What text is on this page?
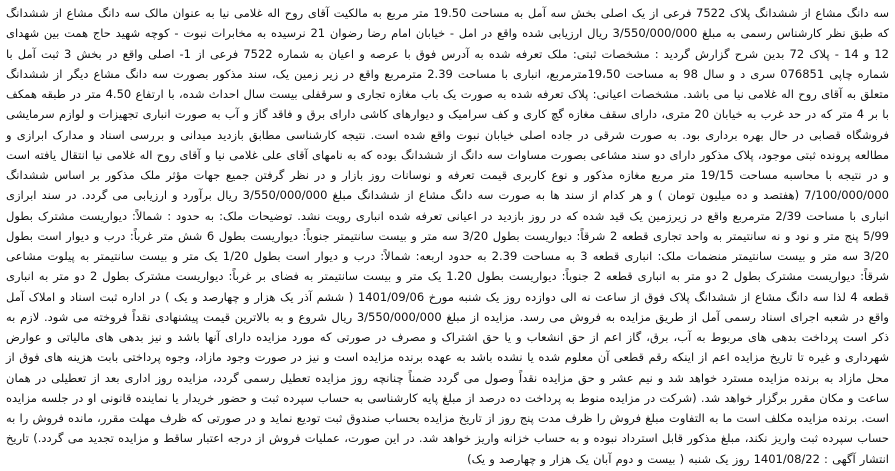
سه دانگ مشاع از ششدانگ پلاک 7522 فرعی از یک اصلی بخش سه آمل به مساحت 19.50 متر مربع به مالکیت آقای روح اله غلامی نیا به عنوان مالک سه دانگ مشاع از ششدانگ که طبق نظر کارشناس رسمی به مبلغ 3/550/000/000 ریال ارزیابی شده واقع در امل - خیابان امام رضا رضوان 21 نرسیده به مخابرات نبوت - کوچه شهید حاج همت بین شهدای 12 و 14 - پلاک 72 بدین شرح گزارش گردید : مشخصات ثبتی: ملک تعرفه شده به آدرس فوق با عرصه و اعیان به شماره 7522 فرعی از 1- اصلی واقع در بخش 3 ثبت آمل با شماره چاپی 076851 سری د و سال 98 به مساحت 19،50مترمربع، انباری با مساحت 2.39 مترمربع واقع در زیر زمین یک، سند مذکور بصورت سه دانگ مشاع دیگر از ششدانگ متعلق به آقای روح اله غلامی نیا می باشد. مشخصات اعیانی: پلاک تعرفه شده به صورت یک باب مغازه تجاری و سرقفلی بیست سال احداث شده، با ارتفاع 4.50 متر در طبقه همکف با بر 4 متر که در حد غرب به خیابان 20 متری، دارای سقف مغازه گچ کاری و کف سرامیک و دیوارهای کاشی دارای برق و فاقد گاز و آب به صورت انباری تجهیزات و لوازم سرمایشی فروشگاه قصابی در حال بهره برداری بود. به صورت شرقی در جاده اصلی خیابان نبوت واقع شده است. نتیجه کارشناسی مطابق بازدید میدانی و بررسی اسناد و مدارک ابرازی و مطالعه پرونده ثبتی موجود، پلاک مذکور دارای دو سند مشاعی بصورت مساوات سه دانگ از ششدانگ بوده که به نامهای آقای علی غلامی نیا و آقای روح اله غلامی نیا انتقال یافته است و در نتیجه با محاسبه مساحت 19/15 متر مربع مغازه مذکور و نوع کاربری قیمت تعرفه و نوسانات روز بازار و در نظر گرفتن جمیع جهات مؤثر ملک مذکور بر اساس ششدانگ 7/100/000/000 (هفتصد و ده میلیون تومان ) و هر کدام از سند ها به صورت سه دانگ مشاع از ششدانگ مبلغ 3/550/000/000 ریال برآورد و ارزیابی می گردد. در سند ابرازی انباری با مساحت 2/39 مترمربع واقع در زیرزمین یک قید شده که در روز بازدید در اعیانی تعرفه شده انباری رویت نشد. توضیحات ملک: به حدود : شمالاً: دیواریست مشترک بطول 5/99 پنج متر و نود و نه سانتیمتر به واحد تجاری قطعه 2 شرقاً: دیواریست بطول 3/20 سه متر و بیست سانتیمتر جنوباً: دیواریست بطول 6 شش متر غرباً: درب و دیوار است بطول 3/20 سه متر و بیست سانتیمتر منضمات ملک: انباری قطعه 3 به مساحت 2.39 به حدود اربعه: شمالاً: درب و دیوار است بطول 1/20 یک متر و بیست سانتیمتر به پیلوت مشاعی شرقاً: دیواریست مشترک بطول 2 دو متر به انباری قطعه 2 جنوباً: دیواریست بطول 1.20 یک متر و بیست سانتیمتر به فضای بر غرباً: دیواریست مشترک بطول 2 دو متر به انباری قطعه 4 لذا سه دانگ مشاع از ششدانگ پلاک فوق از ساعت نه الی دوازده روز یک شنبه مورخ 1401/09/06 ( ششم آذر یک هزار و چهارصد و یک ) در اداره ثبت اسناد و املاک آمل واقع در شعبه اجرای اسناد رسمی آمل از طریق مزایده به فروش می رسد. مزایده از مبلغ 3/550/000/000 ریال شروع و به بالاترین قیمت پیشنهادی نقداً فروخته می شود. لازم به ذکر است پرداخت بدهی های مربوط به آب، برق، گاز اعم از حق انشعاب و یا حق اشتراک و مصرف در صورتی که مورد مزایده دارای آنها باشد و نیز بدهی های مالیاتی و عوارض شهرداری و غیره تا تاریخ مزایده اعم از اینکه رقم قطعی آن معلوم شده یا نشده باشد به عهده برنده مزایده است و نیز در صورت وجود مازاد، وجوه پرداختی بابت هزینه های فوق از محل مازاد به برنده مزایده مسترد خواهد شد و نیم عشر و حق مزایده نقداً وصول می گردد ضمناً چنانچه روز مزایده تعطیل رسمی گردد، مزایده روز اداری بعد از تعطیلی در همان ساعت و مکان مقرر برگزار خواهد شد. (شرکت در مزایده منوط به پرداخت ده درصد از مبلغ پایه کارشناسی به حساب سپرده ثبت و حضور خریدار یا نماینده قانونی او در جلسه مزایده است. برنده مزایده مکلف است ما به التفاوت مبلغ فروش را ظرف مدت پنج روز از تاریخ مزایده بحساب صندوق ثبت تودیع نماید و در صورتی که ظرف مهلت مقرر، مانده فروش را به حساب سپرده ثبت واریز نکند، مبلغ مذکور قابل استرداد نبوده و به حساب خزانه واریز خواهد شد. در این صورت، عملیات فروش از درجه اعتبار ساقط و مزایده تجدید می گردد.) تاریخ انتشار آگهی : 1401/08/22 روز یک شنبه ( بیست و دوم آبان یک هزار و چهارصد و یک)
